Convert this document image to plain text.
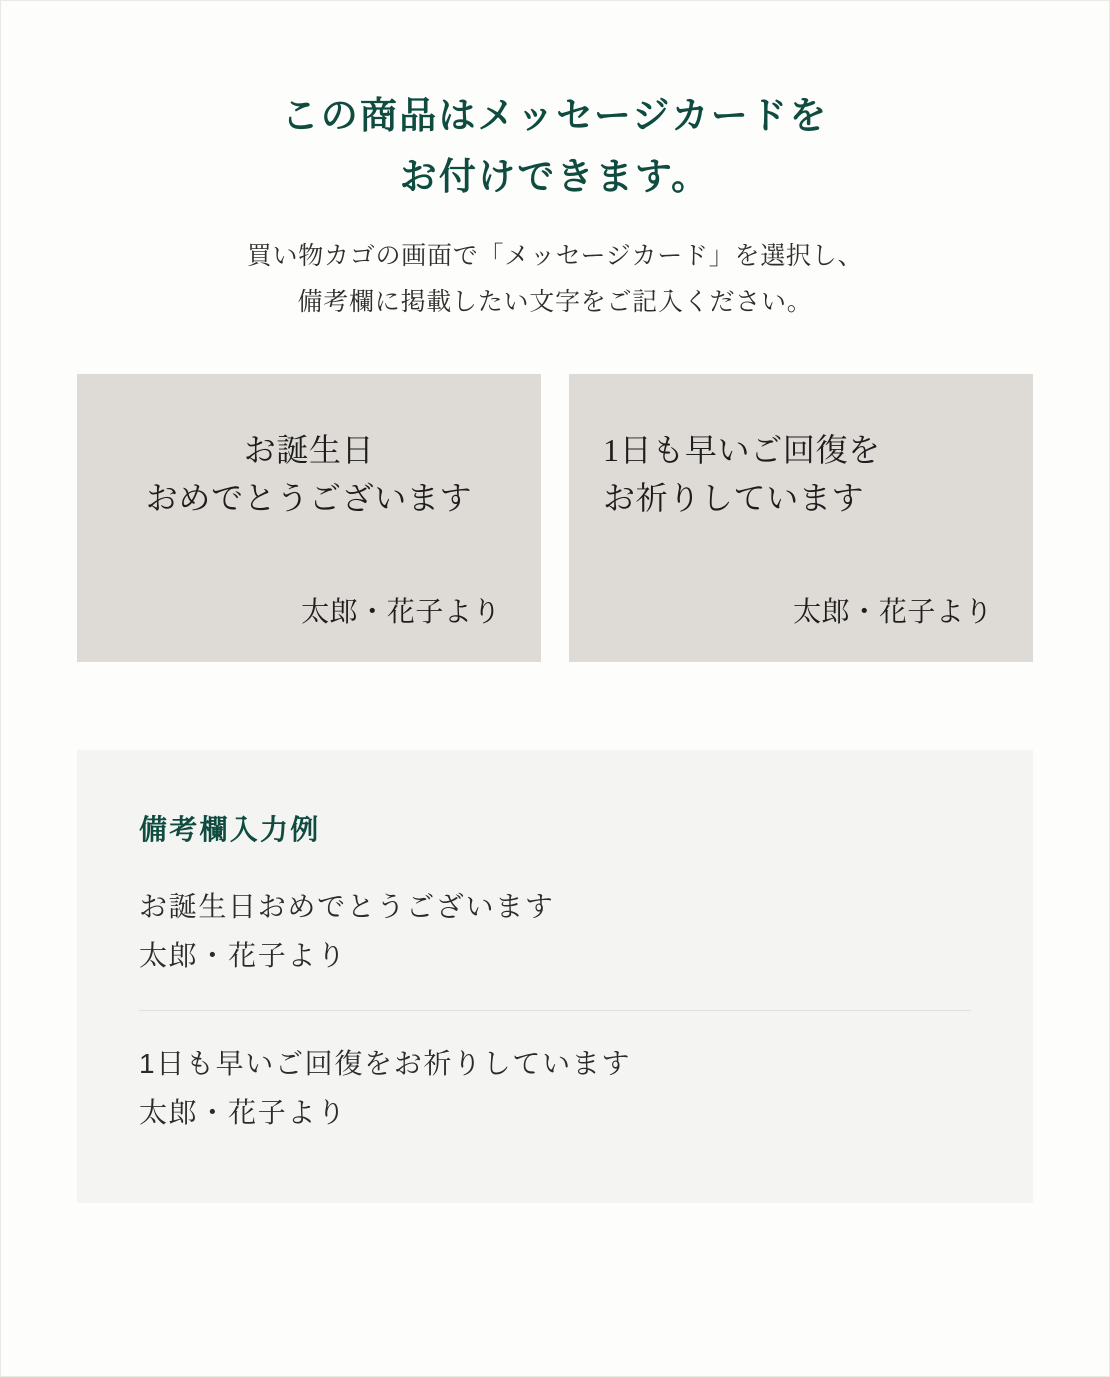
この商品はメッセージカードを
お付けできます。

買い物カゴの画面で「メッセージカード」を選択し、
備考欄に掲載したい文字をご記入ください。

お誕生日
おめでとうございます
太郎・花子より
1日も早いご回復を
お祈りしています
太郎・花子より
備考欄入力例
お誕生日おめでとうございます
太郎・花子より
1日も早いご回復をお祈りしています
太郎・花子より
